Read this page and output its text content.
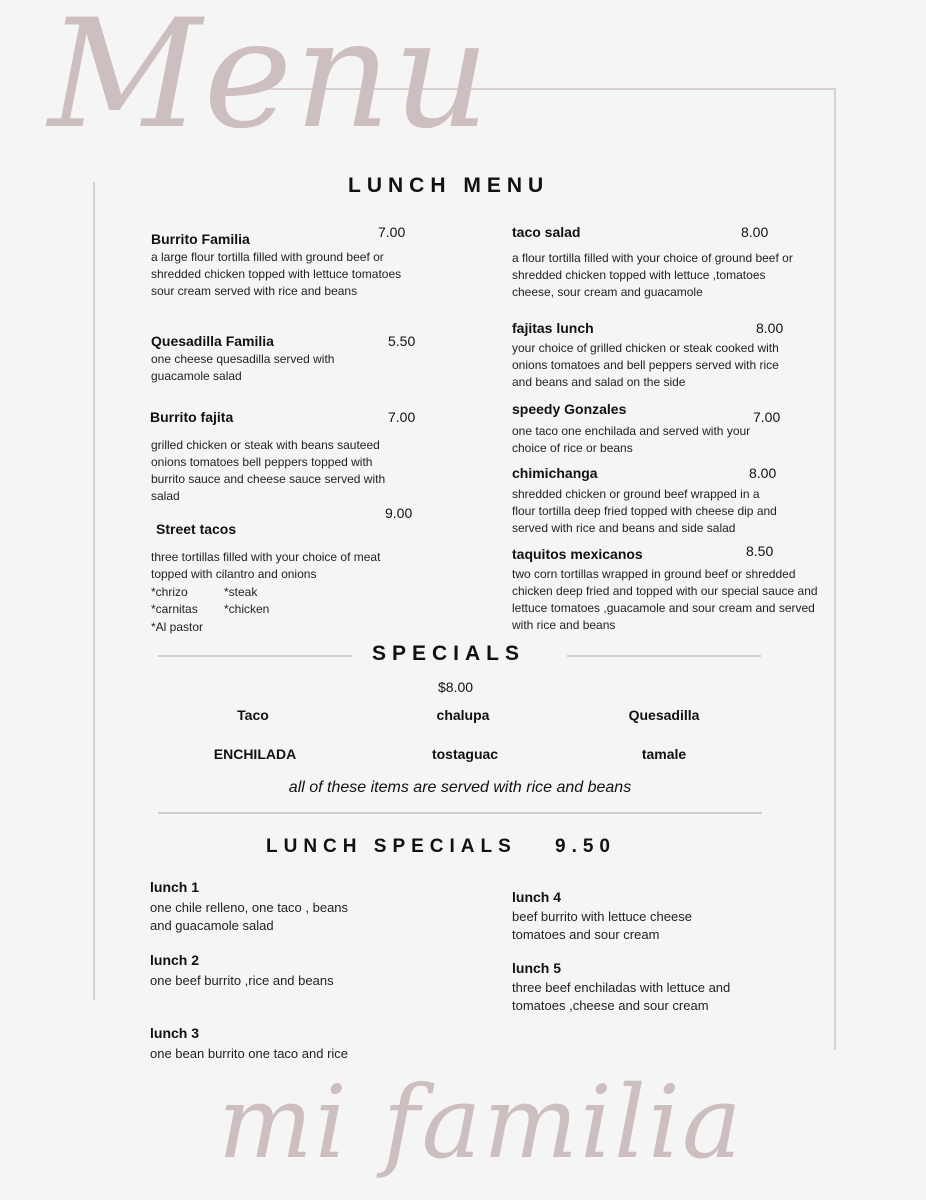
Menu
mi familia
LUNCH MENU
Burrito Familia	7.00
a large flour tortilla filled with ground beef or shredded chicken topped with lettuce tomatoes sour cream served with rice and beans
Quesadilla Familia	5.50
one cheese quesadilla served with guacamole salad
Burrito fajita	7.00
grilled chicken or steak with beans sauteed onions tomatoes bell peppers topped with burrito sauce and cheese sauce served with salad
Street tacos
9.00
three tortillas filled with your choice of meat topped with cilantro and onions
*chrizo	*steak
*carnitas *chicken
*Al pastor
taco salad	8.00
a flour tortilla filled with your choice of ground beef or shredded chicken topped with lettuce ,tomatoes cheese, sour cream and guacamole
fajitas lunch	8.00
your choice of grilled chicken or steak cooked with onions tomatoes and bell peppers served with rice and beans and salad on the side
speedy Gonzales	7.00
one taco one enchilada and served with your choice of rice or beans
chimichanga	8.00
shredded chicken or ground beef wrapped in a flour tortilla deep fried topped with cheese dip and served with rice and beans and side salad
taquitos mexicanos	8.50
two corn tortillas wrapped in ground beef or shredded chicken deep fried and topped with our special sauce and lettuce tomatoes ,guacamole and sour cream and served with rice and beans
SPECIALS
$8.00
Taco	chalupa	Quesadilla
ENCHILADA	tostaguac	tamale
all of these items are served with rice and beans
LUNCH SPECIALS 9.50
lunch 1
one chile relleno, one taco , beans and guacamole salad
lunch 2
one beef burrito ,rice and beans
lunch 3
one bean burrito one taco and rice
lunch 4
beef burrito with lettuce cheese tomatoes and sour cream
lunch 5
three beef enchiladas with lettuce and tomatoes ,cheese and sour cream
